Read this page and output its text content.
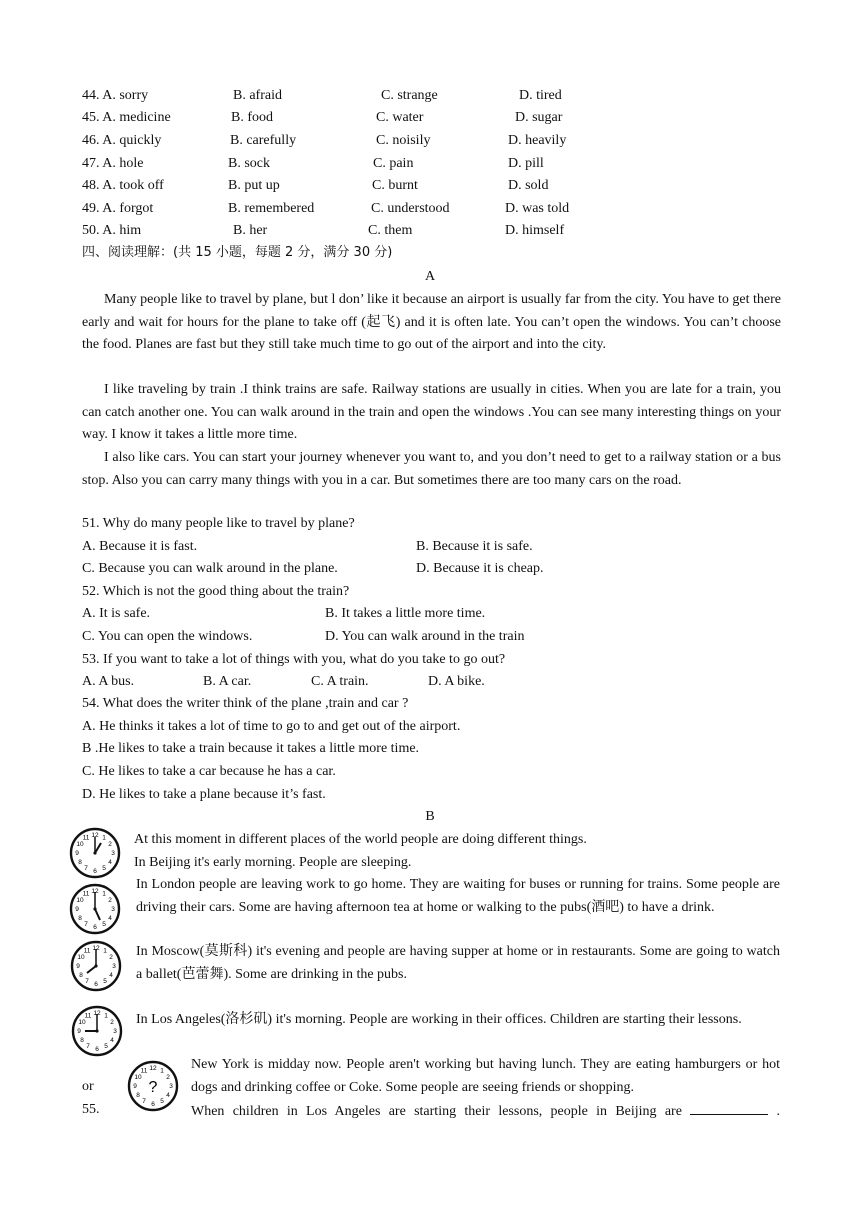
44. A. sorry	B. afraid	C. strange	D. tired
45. A. medicine	B. food	C. water	D. sugar
46. A. quickly	B. carefully	C. noisily	D. heavily
47. A. hole	B. sock	C. pain	D. pill
48. A. took off	B. put up	C. burnt	D. sold
49. A. forgot	B. remembered	C. understood	D. was told
50. A. him	B. her	C. them	D. himself
四、阅读理解：(共 15 小题，每题 2 分，满分 30 分)
A
Many people like to travel by plane, but l don’ like it because an airport is usually far from the city. You have to get there early and wait for hours for the plane to take off (起飞) and it is often late. You can’t open the windows. You can’t choose the food. Planes are fast but they still take much time to go out of the airport and into the city.
I like traveling by train .I think trains are safe. Railway stations are usually in cities. When you are late for a train, you can catch another one. You can walk around in the train and open the windows .You can see many interesting things on your way. I know it takes a little more time.
I also like cars. You can start your journey whenever you want to, and you don’t need to get to a railway station or a bus stop. Also you can carry many things with you in a car. But sometimes there are too many cars on the road.
51. Why do many people like to travel by plane?
A. Because it is fast.	B. Because it is safe.
C. Because you can walk around in the plane.	D. Because it is cheap.
52. Which is not the good thing about the train?
A. It is safe.	B. It takes a little more time.
C. You can open the windows.	D. You can walk around in the train
53. If you want to take a lot of things with you, what do you take to go out?
A. A bus.	B. A car.	C. A train.	D. A bike.
54. What does the writer think of the plane ,train and car ?
A. He thinks it takes a lot of time to go to and get out of the airport.
B .He likes to take a train because it takes a little more time.
C. He likes to take a car because he has a car.
D. He likes to take a plane because it’s fast.
B
12 1
11
2
3
4
5
6
7
8
9
10	At this moment in different places of the world people are doing different things.
In Beijing it's early morning. People are sleeping.
12 1
11
2
3
4
5
6
7
8
9
10
In London people are leaving work to go home. They are waiting for buses or running for trains. Some people are driving their cars. Some are having afternoon tea at home or walking to the pubs(酒吧) to have a drink.
12 1
11
2
3
4
5
6
7
8
9
10	In Moscow(莫斯科) it's evening and people are having supper at home or in restaurants. Some are going to watch a ballet(芭蕾舞). Some are drinking in the pubs.
12 1
11
2
3
4
5
6
7
8
9
10	In Los Angeles(洛杉矶) it's morning. People are working in their offices. Children are starting their lessons.
12 1
11
2
3
4
5
6
7
8
9
10
?
New York is midday now. People aren't working but having lunch. They are eating hamburgers or hot dogs and drinking coffee or Coke. Some people are seeing friends or shopping.
or
55.	When children in Los Angeles are starting their lessons, people in Beijing are	.
